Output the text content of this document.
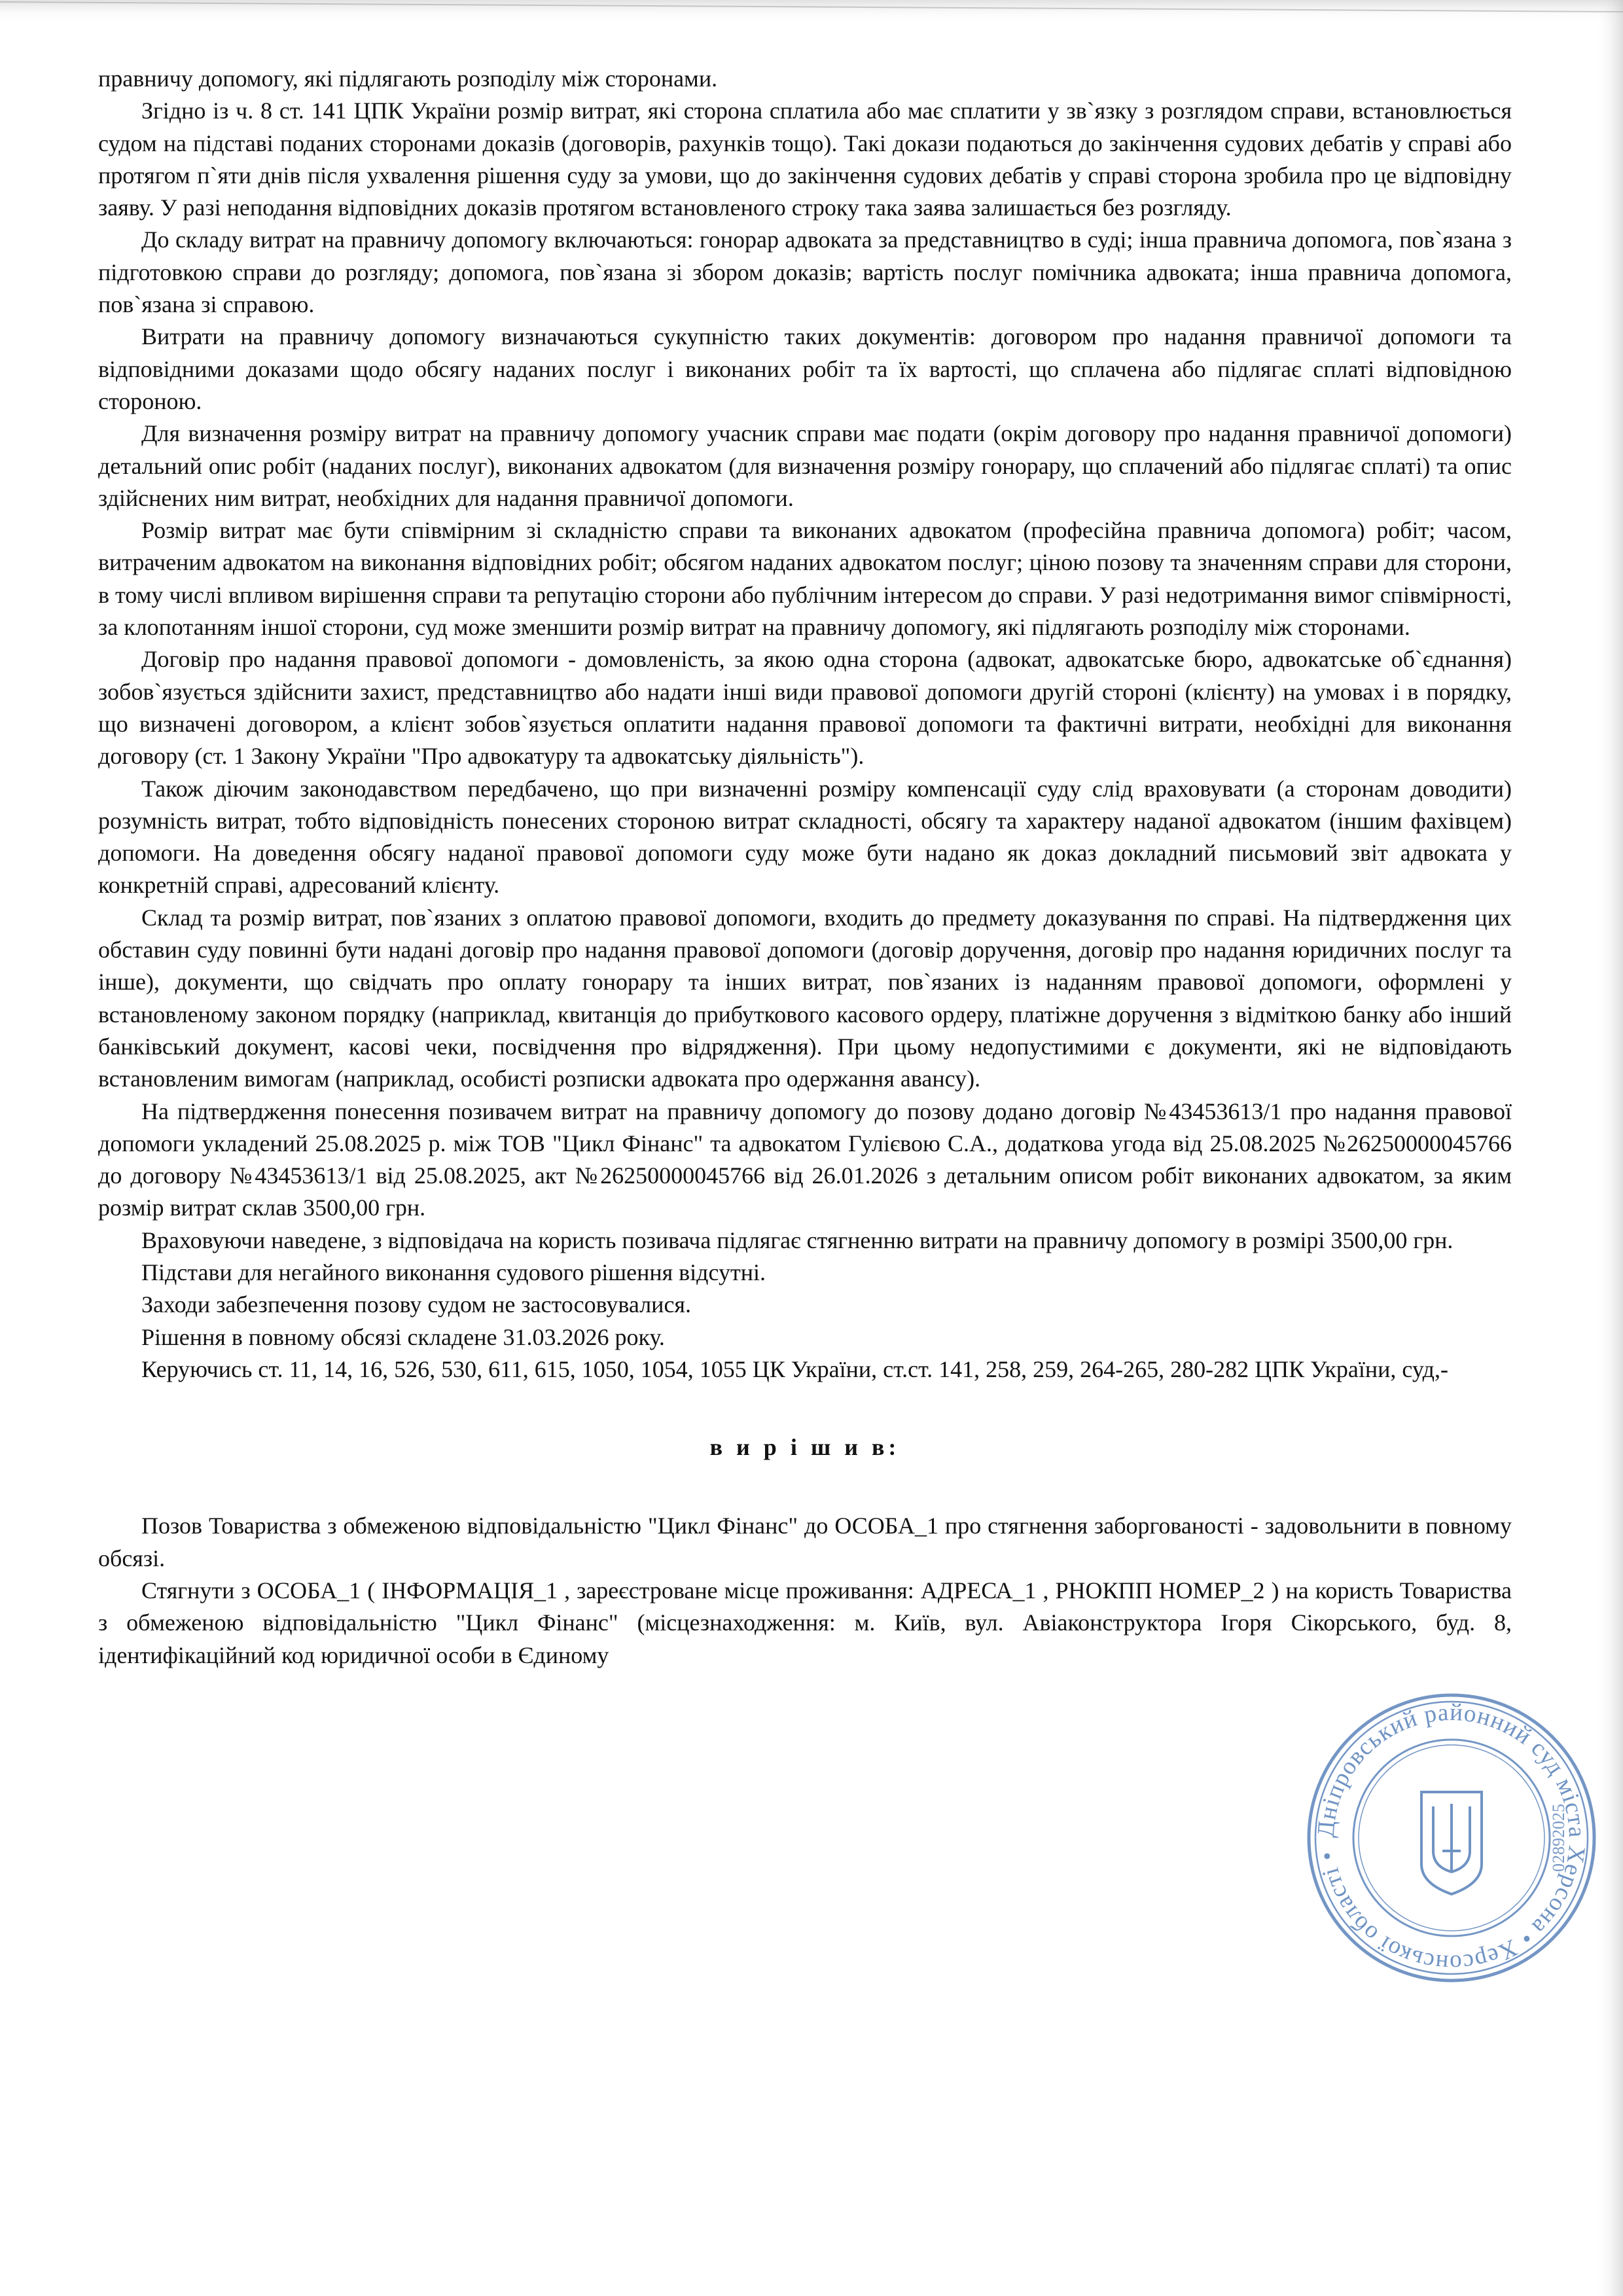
правничу допомогу, які підлягають розподілу між сторонами.

Згідно із ч. 8 ст. 141 ЦПК України розмір витрат, які сторона сплатила або має сплатити у зв`язку з розглядом справи, встановлюється судом на підставі поданих сторонами доказів (договорів, рахунків тощо). Такі докази подаються до закінчення судових дебатів у справі або протягом п`яти днів після ухвалення рішення суду за умови, що до закінчення судових дебатів у справі сторона зробила про це відповідну заяву. У разі неподання відповідних доказів протягом встановленого строку така заява залишається без розгляду.

До складу витрат на правничу допомогу включаються: гонорар адвоката за представництво в суді; інша правнича допомога, пов`язана з підготовкою справи до розгляду; допомога, пов`язана зі збором доказів; вартість послуг помічника адвоката; інша правнича допомога, пов`язана зі справою.

Витрати на правничу допомогу визначаються сукупністю таких документів: договором про надання правничої допомоги та відповідними доказами щодо обсягу наданих послуг і виконаних робіт та їх вартості, що сплачена або підлягає сплаті відповідною стороною.

Для визначення розміру витрат на правничу допомогу учасник справи має подати (окрім договору про надання правничої допомоги) детальний опис робіт (наданих послуг), виконаних адвокатом (для визначення розміру гонорару, що сплачений або підлягає сплаті) та опис здійснених ним витрат, необхідних для надання правничої допомоги.

Розмір витрат має бути співмірним зі складністю справи та виконаних адвокатом (професійна правнича допомога) робіт; часом, витраченим адвокатом на виконання відповідних робіт; обсягом наданих адвокатом послуг; ціною позову та значенням справи для сторони, в тому числі впливом вирішення справи та репутацію сторони або публічним інтересом до справи. У разі недотримання вимог співмірності, за клопотанням іншої сторони, суд може зменшити розмір витрат на правничу допомогу, які підлягають розподілу між сторонами.

Договір про надання правової допомоги - домовленість, за якою одна сторона (адвокат, адвокатське бюро, адвокатське об`єднання) зобов`язується здійснити захист, представництво або надати інші види правової допомоги другій стороні (клієнту) на умовах і в порядку, що визначені договором, а клієнт зобов`язується оплатити надання правової допомоги та фактичні витрати, необхідні для виконання договору (ст. 1 Закону України "Про адвокатуру та адвокатську діяльність").

Також діючим законодавством передбачено, що при визначенні розміру компенсації суду слід враховувати (а сторонам доводити) розумність витрат, тобто відповідність понесених стороною витрат складності, обсягу та характеру наданої адвокатом (іншим фахівцем) допомоги. На доведення обсягу наданої правової допомоги суду може бути надано як доказ докладний письмовий звіт адвоката у конкретній справі, адресований клієнту.

Склад та розмір витрат, пов`язаних з оплатою правової допомоги, входить до предмету доказування по справі. На підтвердження цих обставин суду повинні бути надані договір про надання правової допомоги (договір доручення, договір про надання юридичних послуг та інше), документи, що свідчать про оплату гонорару та інших витрат, пов`язаних із наданням правової допомоги, оформлені у встановленому законом порядку (наприклад, квитанція до прибуткового касового ордеру, платіжне доручення з відміткою банку або інший банківський документ, касові чеки, посвідчення про відрядження). При цьому недопустимими є документи, які не відповідають встановленим вимогам (наприклад, особисті розписки адвоката про одержання авансу).

На підтвердження понесення позивачем витрат на правничу допомогу до позову додано договір №43453613/1 про надання правової допомоги укладений 25.08.2025 р. між ТОВ "Цикл Фінанс" та адвокатом Гулієвою С.А., додаткова угода від 25.08.2025 №26250000045766 до договору №43453613/1 від 25.08.2025, акт №26250000045766 від 26.01.2026 з детальним описом робіт виконаних адвокатом, за яким розмір витрат склав 3500,00 грн.

Враховуючи наведене, з відповідача на користь позивача підлягає стягненню витрати на правничу допомогу в розмірі 3500,00 грн.

Підстави для негайного виконання судового рішення відсутні.

Заходи забезпечення позову судом не застосовувалися.

Рішення в повному обсязі складене 31.03.2026 року.

Керуючись ст. 11, 14, 16, 526, 530, 611, 615, 1050, 1054, 1055 ЦК України, ст.ст. 141, 258, 259, 264-265, 280-282 ЦПК України, суд,-

в и р і ш и в:

Позов Товариства з обмеженою відповідальністю "Цикл Фінанс" до ОСОБА_1 про стягнення заборгованості - задовольнити в повному обсязі.

Стягнути з ОСОБА_1 ( ІНФОРМАЦІЯ_1 , зареєстроване місце проживання: АДРЕСА_1 , РНОКПП НОМЕР_2 ) на користь Товариства з обмеженою відповідальністю "Цикл Фінанс" (місцезнаходження: м. Київ, вул. Авіаконструктора Ігоря Сікорського, буд. 8, ідентифікаційний код юридичної особи в Єдиному

Дніпровський районний суд міста Херсона • Херсонської області •	02892025
